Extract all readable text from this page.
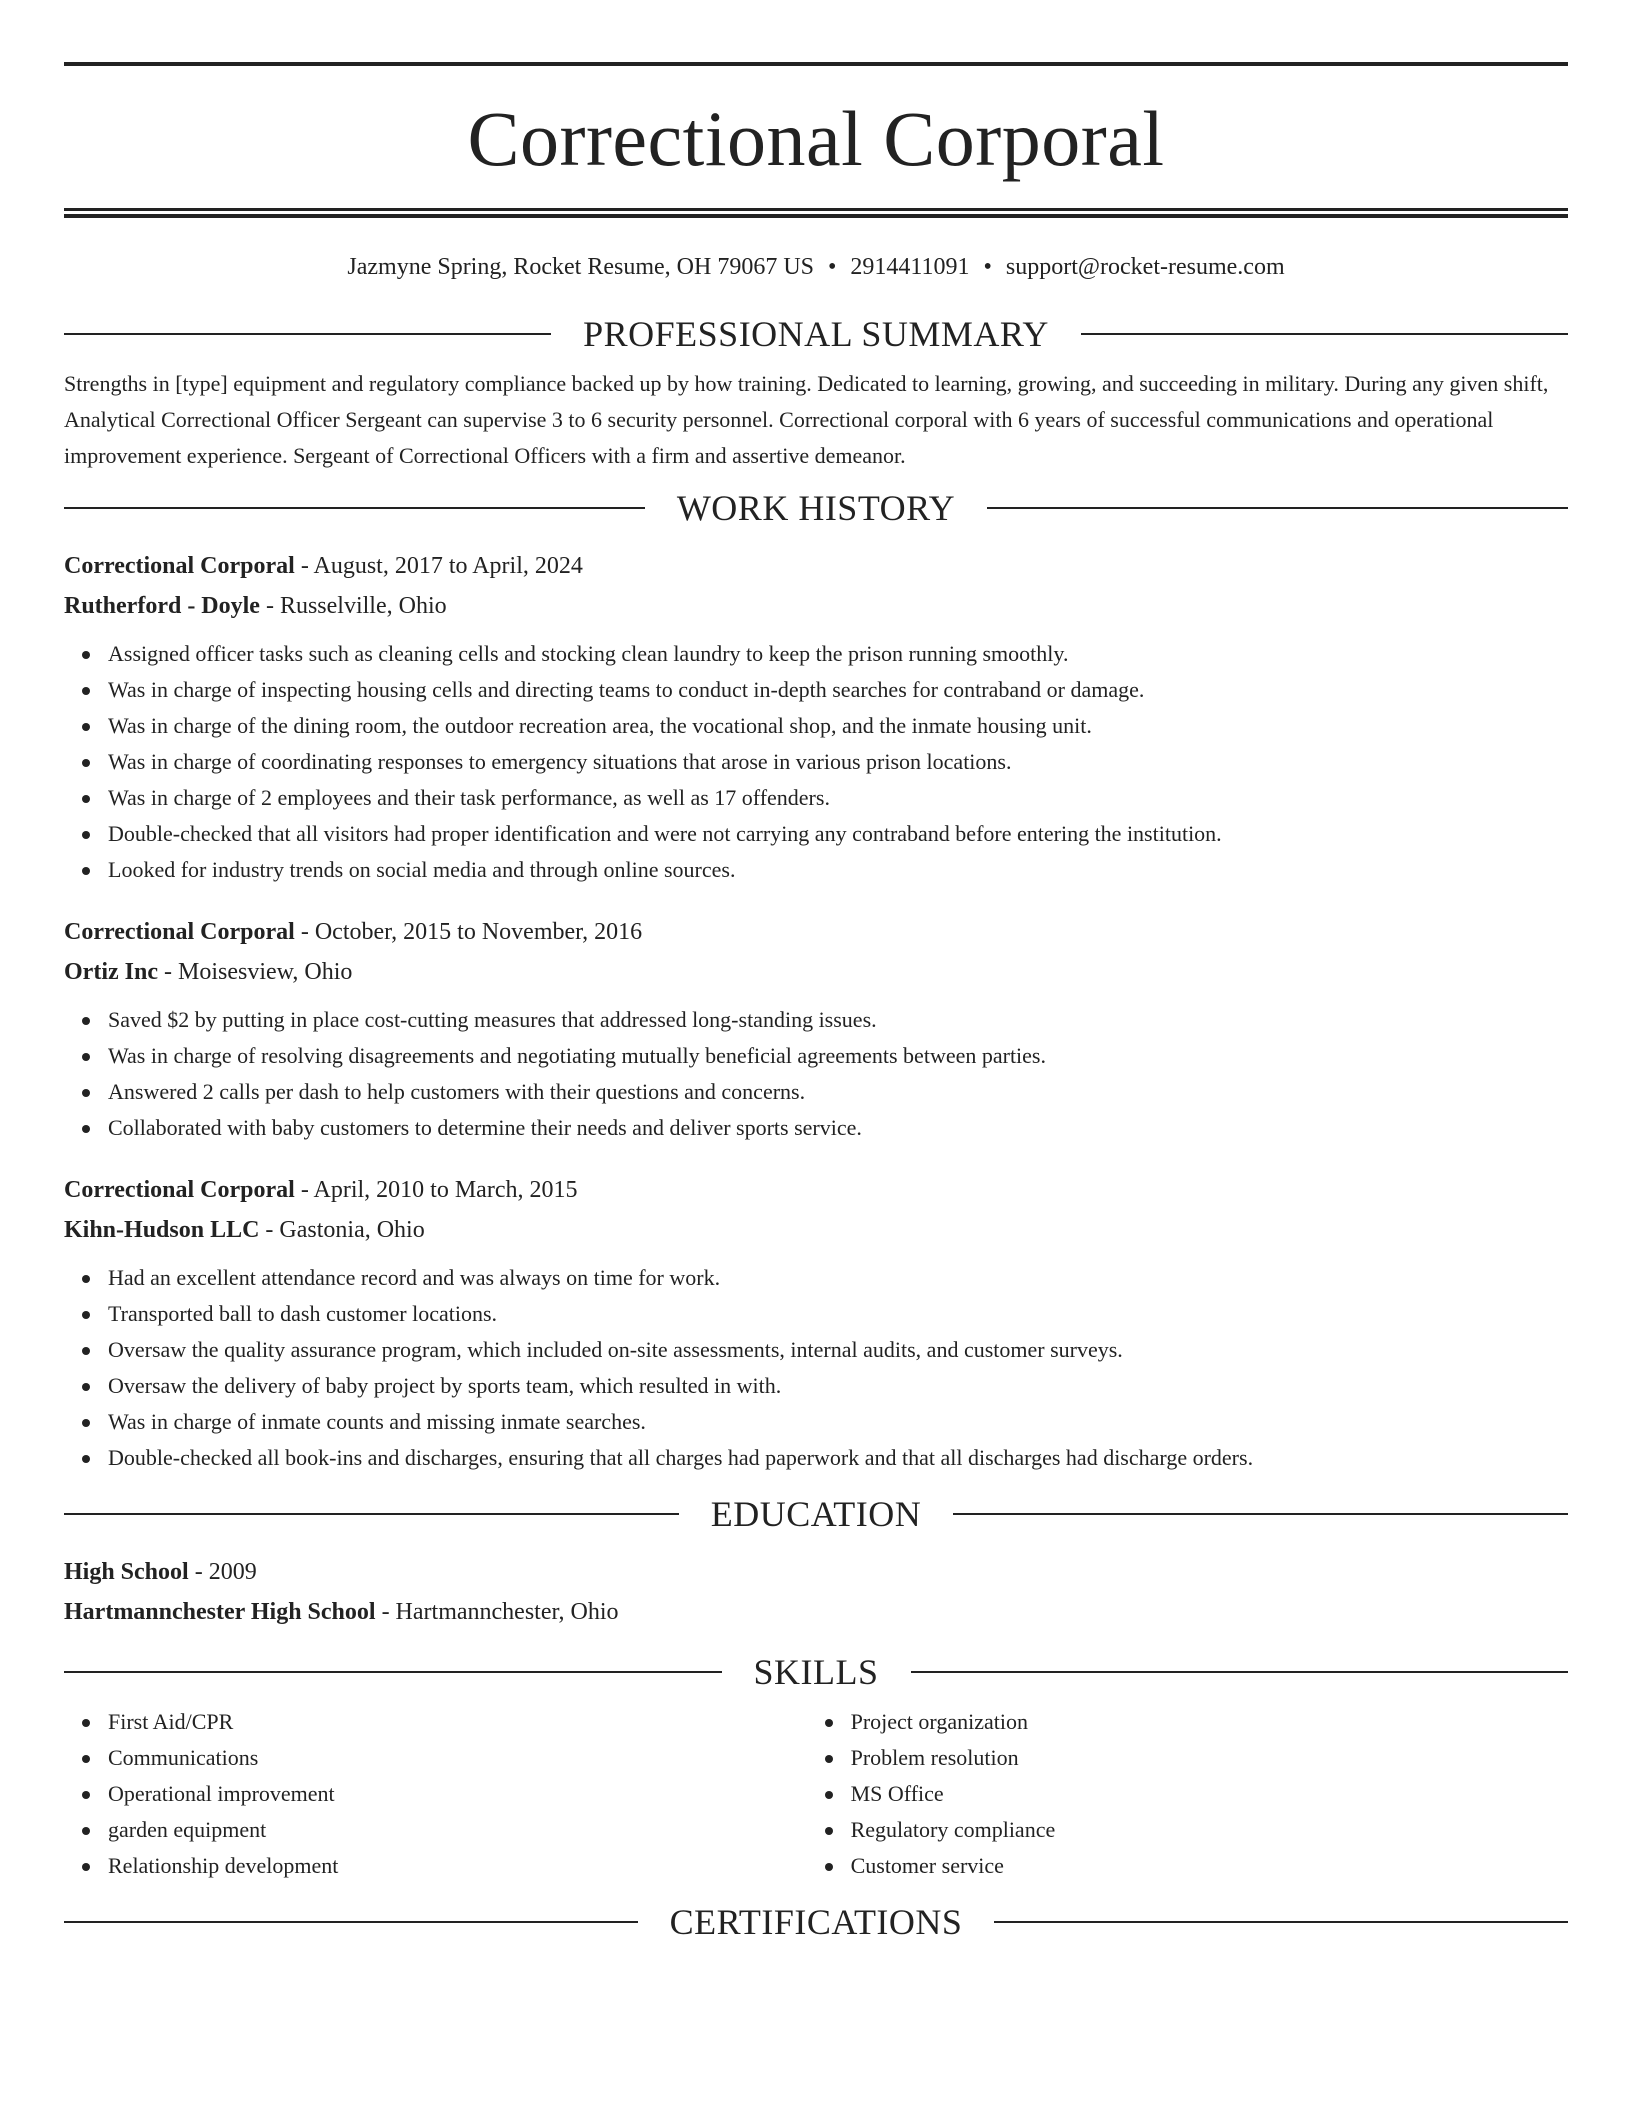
Correctional Corporal
Jazmyne Spring, Rocket Resume, OH 79067 US • 2914411091 • support@rocket-resume.com
PROFESSIONAL SUMMARY

Strengths in [type] equipment and regulatory compliance backed up by how training. Dedicated to learning, growing, and succeeding in military. During any given shift, Analytical Correctional Officer Sergeant can supervise 3 to 6 security personnel. Correctional corporal with 6 years of successful communications and operational improvement experience. Sergeant of Correctional Officers with a firm and assertive demeanor.

WORK HISTORY
Correctional Corporal - August, 2017 to April, 2024
Rutherford - Doyle - Russelville, Ohio
Assigned officer tasks such as cleaning cells and stocking clean laundry to keep the prison running smoothly.
Was in charge of inspecting housing cells and directing teams to conduct in-depth searches for contraband or damage.
Was in charge of the dining room, the outdoor recreation area, the vocational shop, and the inmate housing unit.
Was in charge of coordinating responses to emergency situations that arose in various prison locations.
Was in charge of 2 employees and their task performance, as well as 17 offenders.
Double-checked that all visitors had proper identification and were not carrying any contraband before entering the institution.
Looked for industry trends on social media and through online sources.
Correctional Corporal - October, 2015 to November, 2016
Ortiz Inc - Moisesview, Ohio
Saved $2 by putting in place cost-cutting measures that addressed long-standing issues.
Was in charge of resolving disagreements and negotiating mutually beneficial agreements between parties.
Answered 2 calls per dash to help customers with their questions and concerns.
Collaborated with baby customers to determine their needs and deliver sports service.
Correctional Corporal - April, 2010 to March, 2015
Kihn-Hudson LLC - Gastonia, Ohio
Had an excellent attendance record and was always on time for work.
Transported ball to dash customer locations.
Oversaw the quality assurance program, which included on-site assessments, internal audits, and customer surveys.
Oversaw the delivery of baby project by sports team, which resulted in with.
Was in charge of inmate counts and missing inmate searches.
Double-checked all book-ins and discharges, ensuring that all charges had paperwork and that all discharges had discharge orders.
EDUCATION
High School - 2009
Hartmannchester High School - Hartmannchester, Ohio
SKILLS
First Aid/CPR
Communications
Operational improvement
garden equipment
Relationship development
Project organization
Problem resolution
MS Office
Regulatory compliance
Customer service
CERTIFICATIONS
